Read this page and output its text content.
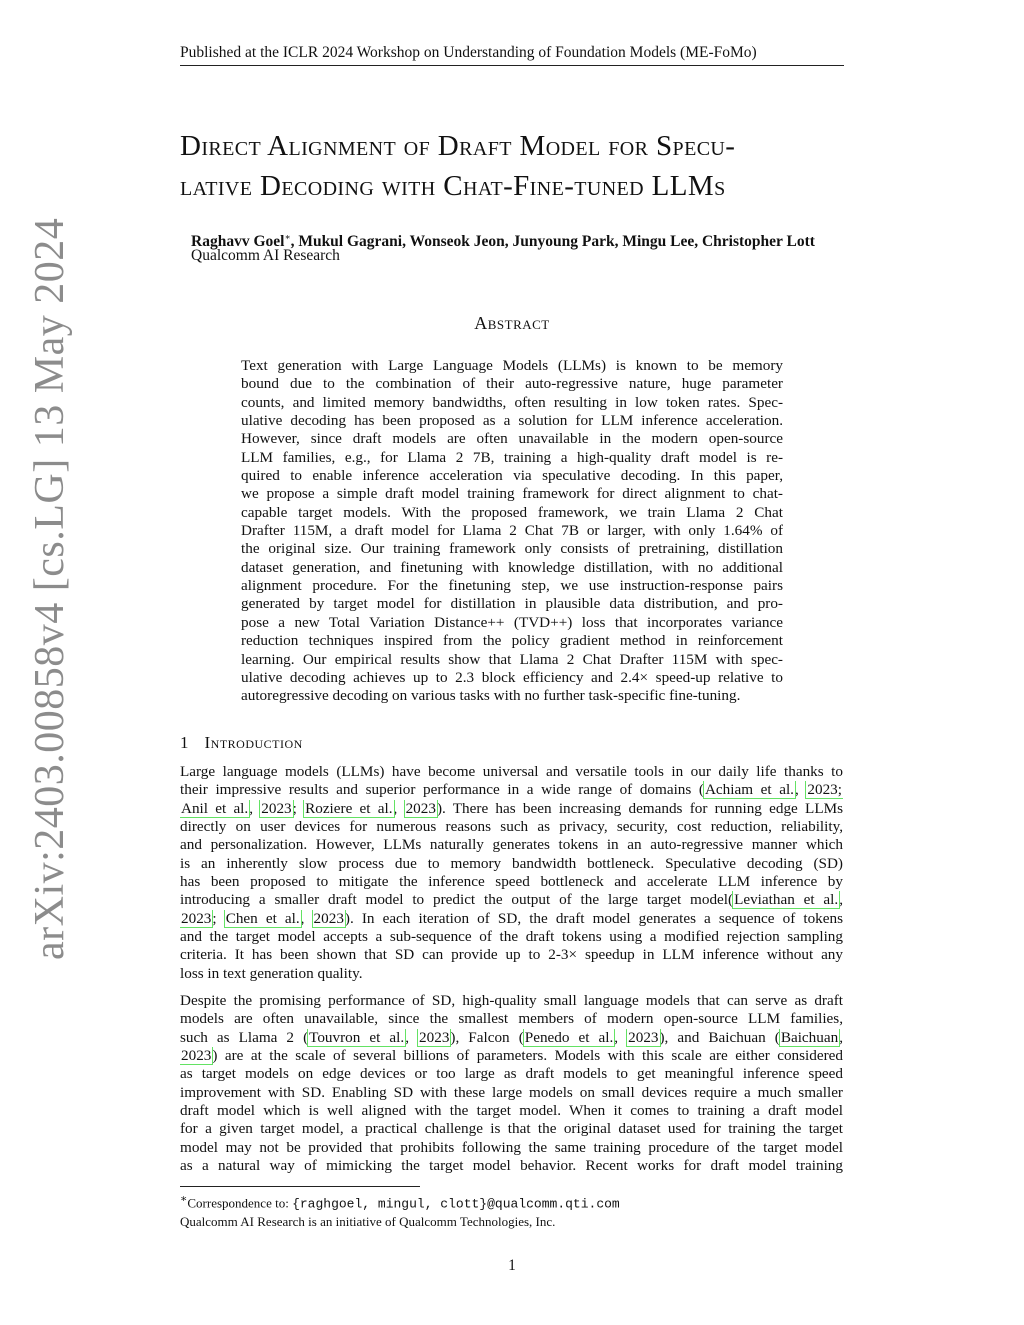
Published at the ICLR 2024 Workshop on Understanding of Foundation Models (ME-FoMo)
arXiv:2403.00858v4 [cs.LG] 13 May 2024
Direct Alignment of Draft Model for Specu-
lative Decoding with Chat-Fine-tuned LLMs
Raghavv Goel∗, Mukul Gagrani, Wonseok Jeon, Junyoung Park, Mingu Lee, Christopher Lott
Qualcomm AI Research
Abstract
Text generation with Large Language Models (LLMs) is known to be memory
bound due to the combination of their auto-regressive nature, huge parameter
counts, and limited memory bandwidths, often resulting in low token rates. Spec-
ulative decoding has been proposed as a solution for LLM inference acceleration.
However, since draft models are often unavailable in the modern open-source
LLM families, e.g., for Llama 2 7B, training a high-quality draft model is re-
quired to enable inference acceleration via speculative decoding. In this paper,
we propose a simple draft model training framework for direct alignment to chat-
capable target models. With the proposed framework, we train Llama 2 Chat
Drafter 115M, a draft model for Llama 2 Chat 7B or larger, with only 1.64% of
the original size. Our training framework only consists of pretraining, distillation
dataset generation, and finetuning with knowledge distillation, with no additional
alignment procedure. For the finetuning step, we use instruction-response pairs
generated by target model for distillation in plausible data distribution, and pro-
pose a new Total Variation Distance++ (TVD++) loss that incorporates variance
reduction techniques inspired from the policy gradient method in reinforcement
learning. Our empirical results show that Llama 2 Chat Drafter 115M with spec-
ulative decoding achieves up to 2.3 block efficiency and 2.4× speed-up relative to
autoregressive decoding on various tasks with no further task-specific fine-tuning.
1 Introduction
Large language models (LLMs) have become universal and versatile tools in our daily life thanks to
their impressive results and superior performance in a wide range of domains (Achiam et al., 2023;
Anil et al., 2023; Roziere et al., 2023). There has been increasing demands for running edge LLMs
directly on user devices for numerous reasons such as privacy, security, cost reduction, reliability,
and personalization. However, LLMs naturally generates tokens in an auto-regressive manner which
is an inherently slow process due to memory bandwidth bottleneck. Speculative decoding (SD)
has been proposed to mitigate the inference speed bottleneck and accelerate LLM inference by
introducing a smaller draft model to predict the output of the large target model(Leviathan et al.,
2023; Chen et al., 2023). In each iteration of SD, the draft model generates a sequence of tokens
and the target model accepts a sub-sequence of the draft tokens using a modified rejection sampling
criteria. It has been shown that SD can provide up to 2-3× speedup in LLM inference without any
loss in text generation quality.
Despite the promising performance of SD, high-quality small language models that can serve as draft
models are often unavailable, since the smallest members of modern open-source LLM families,
such as Llama 2 (Touvron et al., 2023), Falcon (Penedo et al., 2023), and Baichuan (Baichuan,
2023) are at the scale of several billions of parameters. Models with this scale are either considered
as target models on edge devices or too large as draft models to get meaningful inference speed
improvement with SD. Enabling SD with these large models on small devices require a much smaller
draft model which is well aligned with the target model. When it comes to training a draft model
for a given target model, a practical challenge is that the original dataset used for training the target
model may not be provided that prohibits following the same training procedure of the target model
as a natural way of mimicking the target model behavior. Recent works for draft model training
∗Correspondence to: {raghgoel, mingul, clott}@qualcomm.qti.com
Qualcomm AI Research is an initiative of Qualcomm Technologies, Inc.
1
